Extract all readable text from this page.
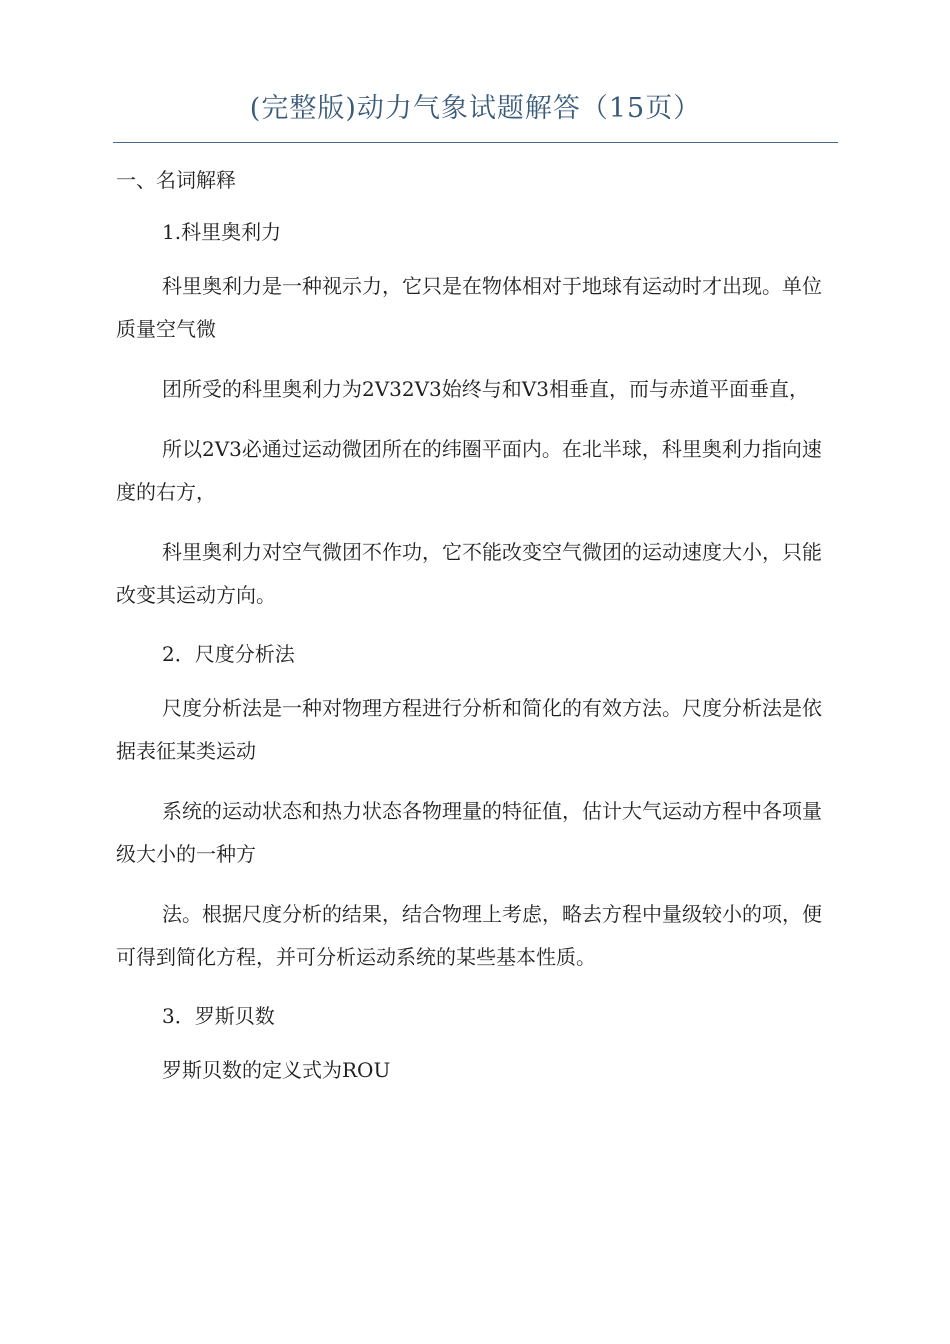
(完整版)动力气象试题解答（15页）
一、名词解释
1.科里奥利力
科里奥利力是一种视示力，它只是在物体相对于地球有运动时才出现。单位质量空气微
团所受的科里奥利力为2V32V3始终与和V3相垂直，而与赤道平面垂直，
所以2V3必通过运动微团所在的纬圈平面内。在北半球，科里奥利力指向速度的右方，
科里奥利力对空气微团不作功，它不能改变空气微团的运动速度大小，只能改变其运动方向。
2．尺度分析法
尺度分析法是一种对物理方程进行分析和简化的有效方法。尺度分析法是依据表征某类运动
系统的运动状态和热力状态各物理量的特征值，估计大气运动方程中各项量级大小的一种方
法。根据尺度分析的结果，结合物理上考虑，略去方程中量级较小的项，便可得到简化方程，并可分析运动系统的某些基本性质。
3．罗斯贝数
罗斯贝数的定义式为ROU
